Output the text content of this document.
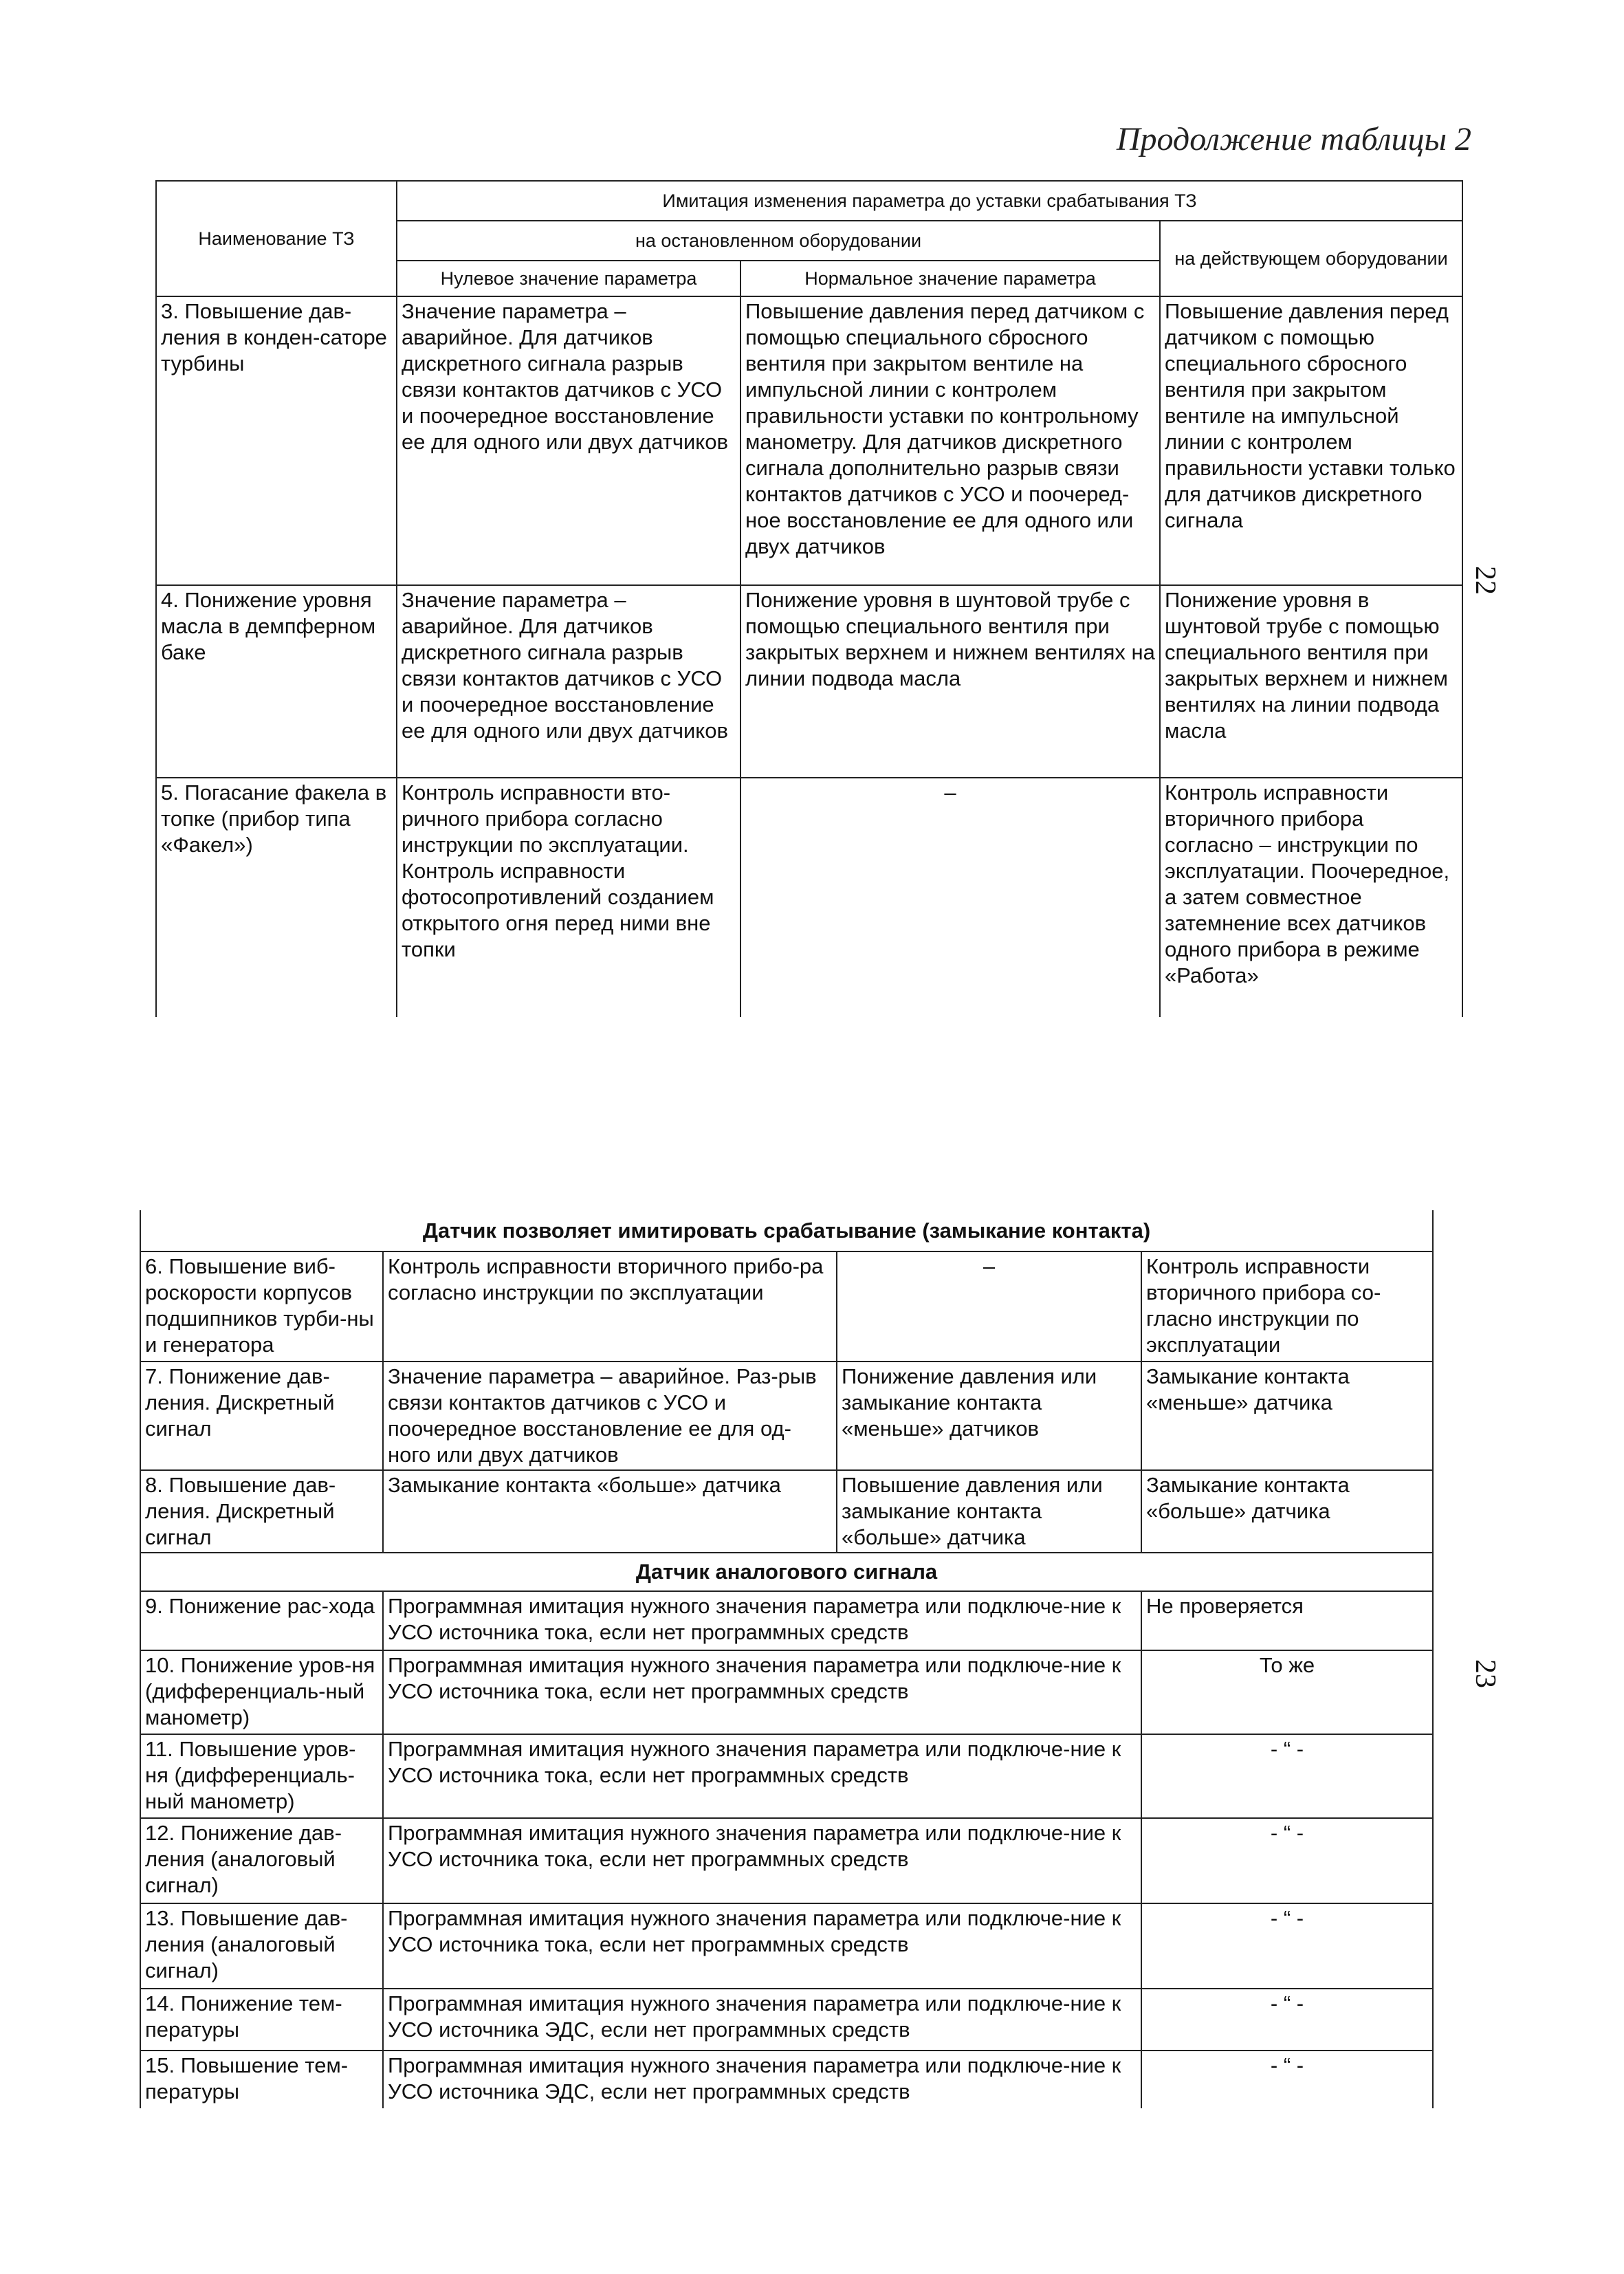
Продолжение таблицы 2
22
23
Наименование ТЗ	Имитация изменения параметра до уставки срабатывания ТЗ		
	на остановленном оборудовании		на действующем оборудовании
	Нулевое значение параметра	Нормальное значение параметра	
3. Повышение дав-ления в конден-саторе турбины	Значение параметра – аварийное. Для датчиков дискретного сигнала разрыв связи контактов датчиков с УСО и поочередное восстановление ее для одного или двух датчиков	Повышение давления перед датчиком с помощью специального сбросного вентиля при закрытом вентиле на импульсной линии с контролем правильности уставки по контрольному манометру. Для датчиков дискретного сигнала дополнительно разрыв связи контактов датчиков с УСО и поочеред-ное восстановление ее для одного или двух датчиков	Повышение давления перед датчиком с помощью специального сбросного вентиля при закрытом вентиле на импульсной линии с контролем правильности уставки только для датчиков дискретного сигнала
4. Понижение уровня масла в демпферном баке	Значение параметра – аварийное. Для датчиков дискретного сигнала разрыв связи контактов датчиков с УСО и поочередное восстановление ее для одного или двух датчиков	Понижение уровня в шунтовой трубе с помощью специального вентиля при закрытых верхнем и нижнем вентилях на линии подвода масла	Понижение уровня в шунтовой трубе с помощью специального вентиля при закрытых верхнем и нижнем вентилях на линии подвода масла
5. Погасание факела в топке (прибор типа «Факел»)	Контроль исправности вто-ричного прибора согласно инструкции по эксплуатации. Контроль исправности фотосопротивлений созданием открытого огня перед ними вне топки	–	Контроль исправности вторичного прибора согласно – инструкции по эксплуатации. Поочередное, а затем совместное затемнение всех датчиков одного прибора в режиме «Работа»
Датчик позволяет имитировать срабатывание (замыкание контакта)			
6. Повышение виб-роскорости корпусов подшипников турби-ны и генератора	Контроль исправности вторичного прибо-ра согласно инструкции по эксплуатации	–	Контроль исправности вторичного прибора со-гласно инструкции по эксплуатации
7. Понижение дав-ления. Дискретный сигнал	Значение параметра – аварийное. Раз-рыв связи контактов датчиков с УСО и поочередное восстановление ее для од-ного или двух датчиков	Понижение давления или замыкание контакта «меньше» датчиков	Замыкание контакта «меньше» датчика
8. Повышение дав-ления. Дискретный сигнал	Замыкание контакта «больше» датчика	Повышение давления или замыкание контакта «больше» датчика	Замыкание контакта «больше» датчика
Датчик аналогового сигнала			
9. Понижение рас-хода	Программная имитация нужного значения параметра или подключе-ние к УСО источника тока, если нет программных средств		Не проверяется
10. Понижение уров-ня (дифференциаль-ный манометр)	Программная имитация нужного значения параметра или подключе-ние к УСО источника тока, если нет программных средств		То же
11. Повышение уров-ня (дифференциаль-ный манометр)	Программная имитация нужного значения параметра или подключе-ние к УСО источника тока, если нет программных средств		- “ -
12. Понижение дав-ления (аналоговый сигнал)	Программная имитация нужного значения параметра или подключе-ние к УСО источника тока, если нет программных средств		- “ -
13. Повышение дав-ления (аналоговый сигнал)	Программная имитация нужного значения параметра или подключе-ние к УСО источника тока, если нет программных средств		- “ -
14. Понижение тем-пературы	Программная имитация нужного значения параметра или подключе-ние к УСО источника ЭДС, если нет программных средств		- “ -
15. Повышение тем-пературы	Программная имитация нужного значения параметра или подключе-ние к УСО источника ЭДС, если нет программных средств		- “ -
